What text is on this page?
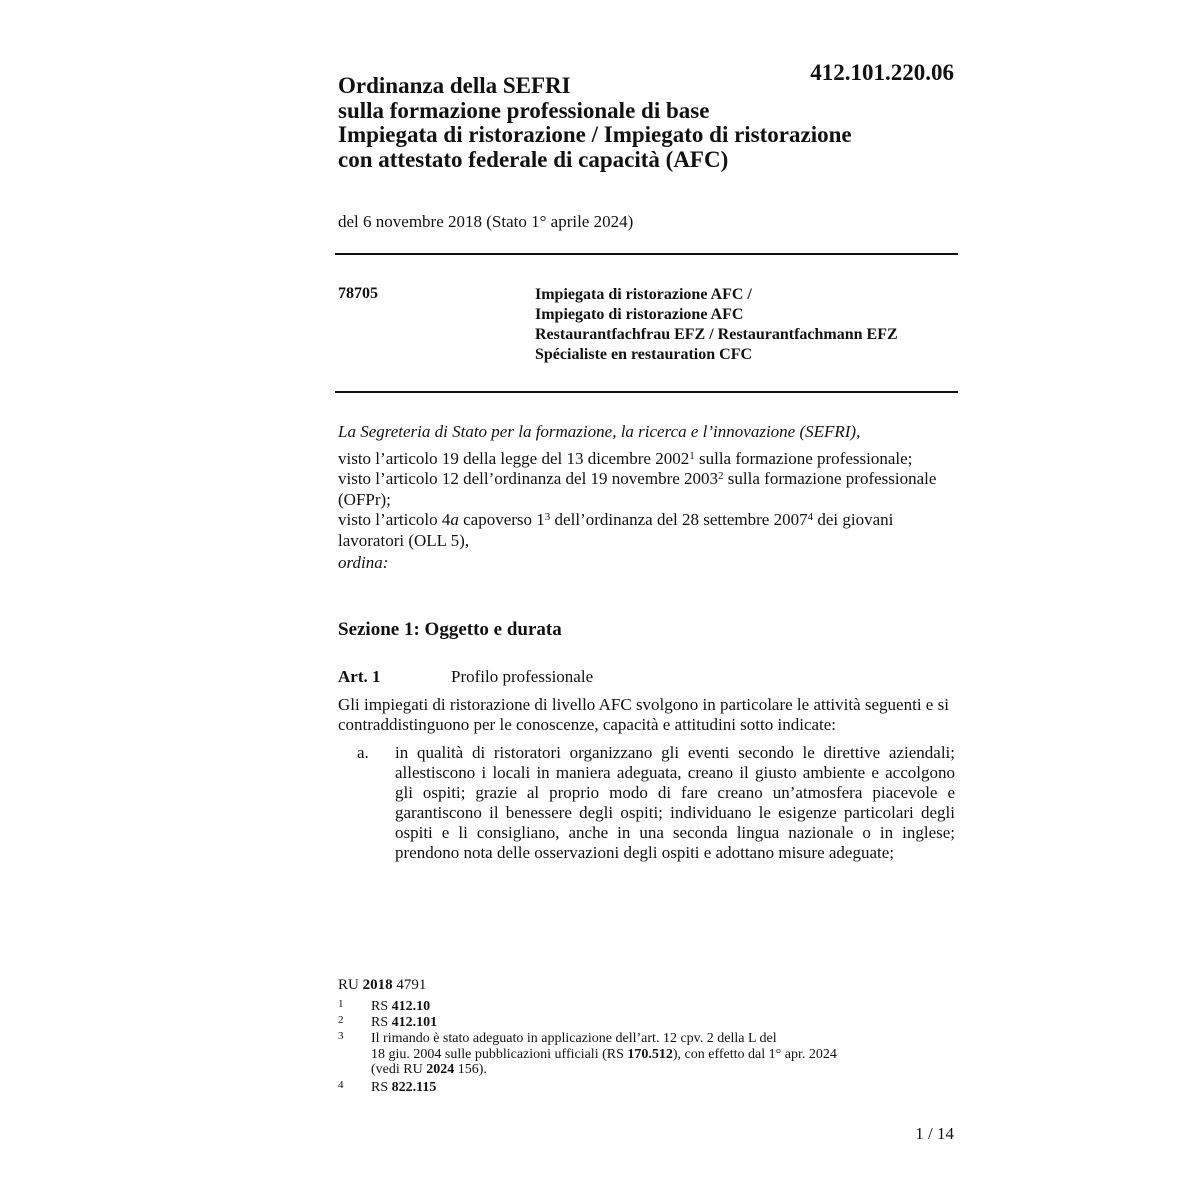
412.101.220.06
Ordinanza della SEFRI
sulla formazione professionale di base
Impiegata di ristorazione / Impiegato di ristorazione
con attestato federale di capacità (AFC)
del 6 novembre 2018 (Stato 1° aprile 2024)
78705	Impiegata di ristorazione AFC /
Impiegato di ristorazione AFC
Restaurantfachfrau EFZ / Restaurantfachmann EFZ
Spécialiste en restauration CFC
La Segreteria di Stato per la formazione, la ricerca e l’innovazione (SEFRI),
visto l’articolo 19 della legge del 13 dicembre 2002$^1$ sulla formazione professionale;
visto l’articolo 12 dell’ordinanza del 19 novembre 2003$^2$ sulla formazione professionale (OFPr);
visto l’articolo 4a capoverso $1^3$ dell’ordinanza del 28 settembre 2007$^4$ dei giovani lavoratori (OLL 5),
ordina:
Sezione 1: Oggetto e durata
Art. 1	Profilo professionale
Gli impiegati di ristorazione di livello AFC svolgono in particolare le attività seguenti e si contraddistinguono per le conoscenze, capacità e attitudini sotto indicate:
a. in qualità di ristoratori organizzano gli eventi secondo le direttive aziendali; allestiscono i locali in maniera adeguata, creano il giusto ambiente e accolgono gli ospiti; grazie al proprio modo di fare creano un’atmosfera piacevole e garantiscono il benessere degli ospiti; individuano le esigenze particolari degli ospiti e li consigliano, anche in una seconda lingua nazionale o in inglese; prendono nota delle osservazioni degli ospiti e adottano misure adeguate;
RU 2018 4791
1 RS 412.10
2 RS 412.101
3 Il rimando è stato adeguato in applicazione dell’art. 12 cpv. 2 della L del
18 giu. 2004 sulle pubblicazioni ufficiali (RS 170.512), con effetto dal 1° apr. 2024
(vedi RU 2024 156).
4 RS 822.115
1 / 14
